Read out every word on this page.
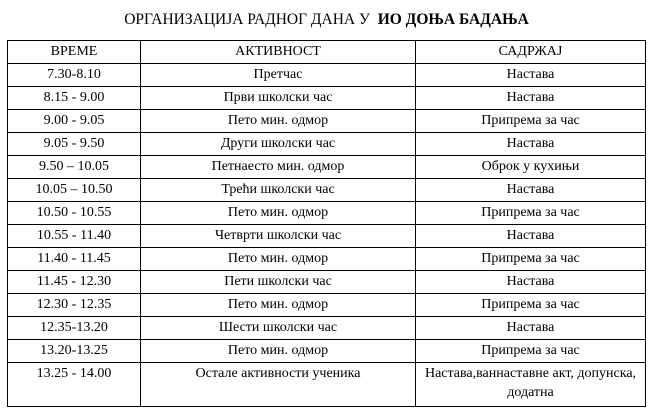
ОРГАНИЗАЦИЈА РАДНОГ ДАНА У  ИО ДОЊА БАДАЊА
ВРЕМЕ	АКТИВНОСТ	САДРЖАЈ
7.30-8.10	Претчас	Настава
8.15 - 9.00	Први школски час	Настава
9.00 - 9.05	Пето мин. одмор	Припрема за час
9.05 - 9.50	Други школски час	Настава
9.50 – 10.05	Петнаесто мин. одмор	Оброк у кухињи
10.05 – 10.50	Трећи школски час	Настава
10.50 - 10.55	Пето мин. одмор	Припрема за час
10.55 - 11.40	Четврти школски час	Настава
11.40 - 11.45	Пето мин. одмор	Припрема за час
11.45 - 12.30	Пети школски час	Настава
12.30 - 12.35	Пето мин. одмор	Припрема за час
12.35-13.20	Шести школски час	Настава
13.20-13.25	Пето мин. одмор	Припрема за час
13.25 - 14.00	Остале активности ученика	Настава,ваннаставне акт, допунска, додатна
